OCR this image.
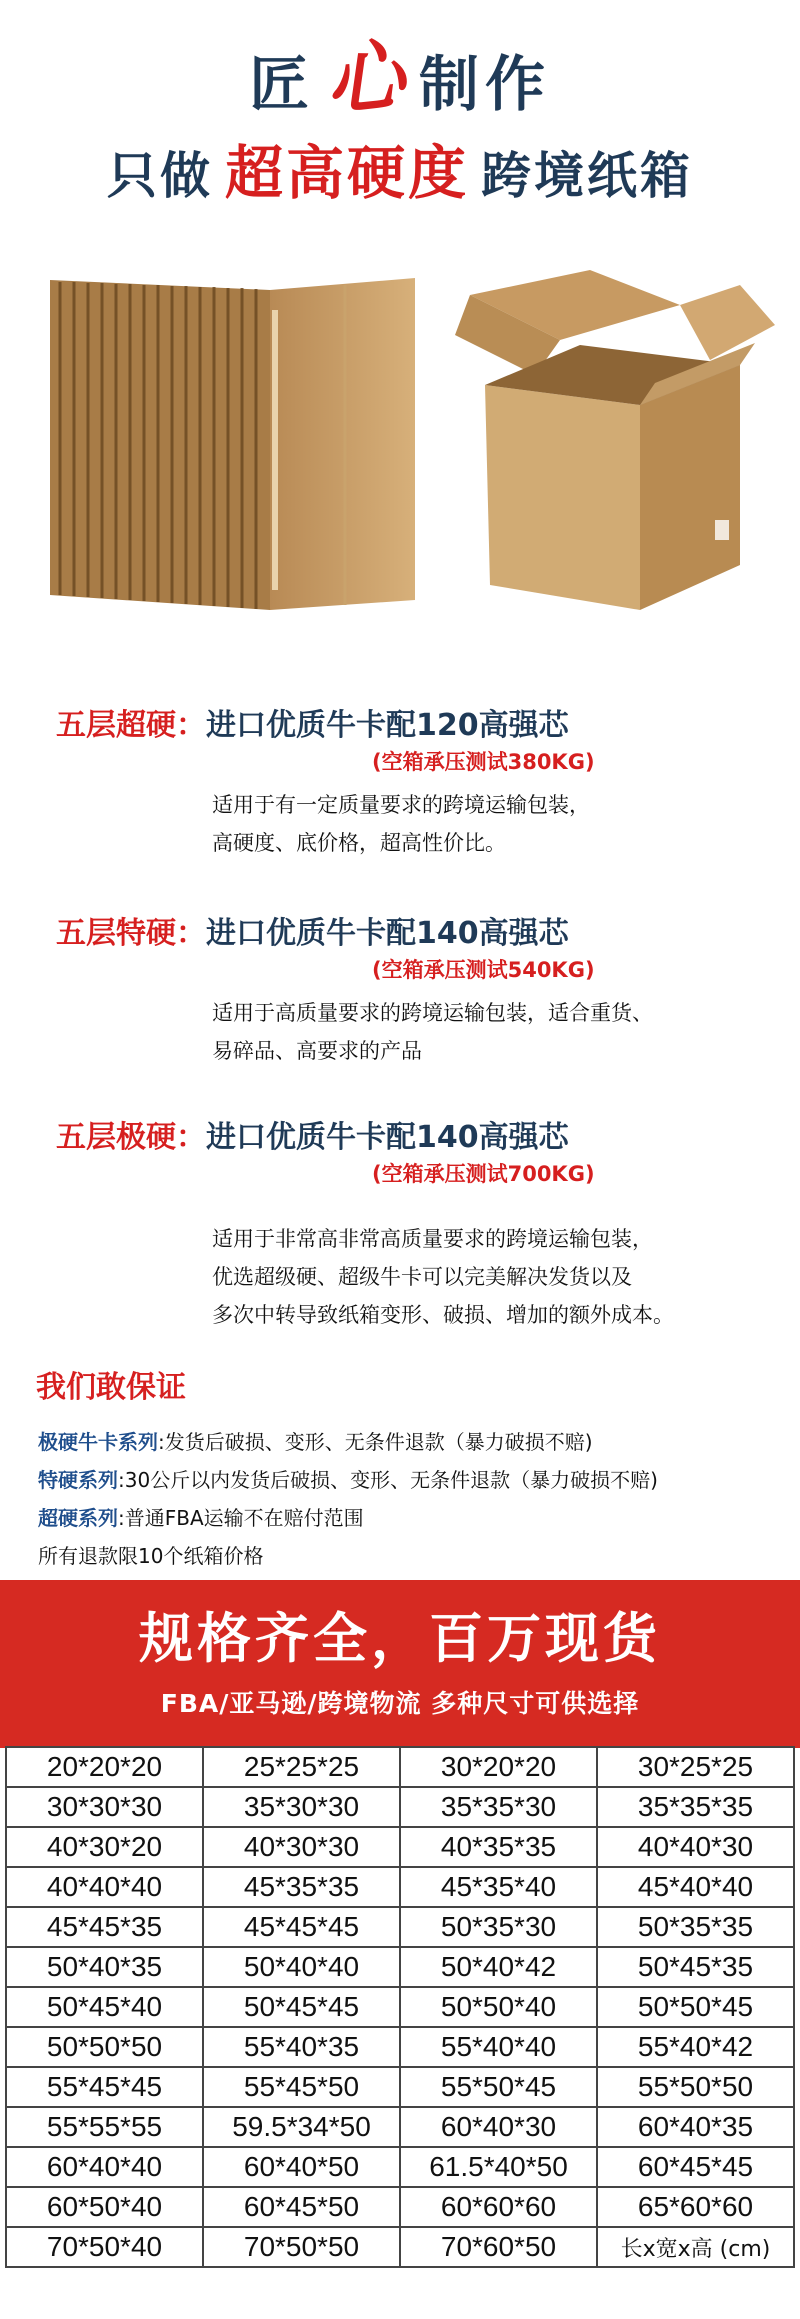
匠心制作
只做 超高硬度 跨境纸箱
五层超硬：进口优质牛卡配120高强芯
(空箱承压测试380KG)
适用于有一定质量要求的跨境运输包装，
高硬度、底价格，超高性价比。
五层特硬：进口优质牛卡配140高强芯
(空箱承压测试540KG)
适用于高质量要求的跨境运输包装，适合重货、
易碎品、高要求的产品
五层极硬：进口优质牛卡配140高强芯
(空箱承压测试700KG)
适用于非常高非常高质量要求的跨境运输包装，
优选超级硬、超级牛卡可以完美解决发货以及
多次中转导致纸箱变形、破损、增加的额外成本。
我们敢保证
极硬牛卡系列:发货后破损、变形、无条件退款（暴力破损不赔)
特硬系列:30公斤以内发货后破损、变形、无条件退款（暴力破损不赔)
超硬系列:普通FBA运输不在赔付范围
所有退款限10个纸箱价格
规格齐全，百万现货
FBA/亚马逊/跨境物流 多种尺寸可供选择
20*20*20	25*25*25	30*20*20	30*25*25
30*30*30	35*30*30	35*35*30	35*35*35
40*30*20	40*30*30	40*35*35	40*40*30
40*40*40	45*35*35	45*35*40	45*40*40
45*45*35	45*45*45	50*35*30	50*35*35
50*40*35	50*40*40	50*40*42	50*45*35
50*45*40	50*45*45	50*50*40	50*50*45
50*50*50	55*40*35	55*40*40	55*40*42
55*45*45	55*45*50	55*50*45	55*50*50
55*55*55	59.5*34*50	60*40*30	60*40*35
60*40*40	60*40*50	61.5*40*50	60*45*45
60*50*40	60*45*50	60*60*60	65*60*60
70*50*40	70*50*50	70*60*50	长x宽x高 (cm)
